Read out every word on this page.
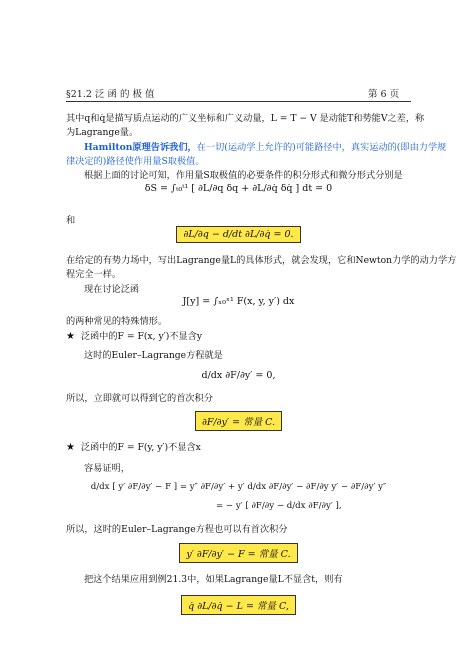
§21.2 泛 函 的 极 值	第 6 页
其中q和q̇是描写质点运动的广义坐标和广义动量，L = T − V 是动能T和势能V之差，称
为Lagrange量。
Hamilton原理告诉我们，在一切(运动学上允许的)可能路径中，真实运动的(即由力学规
律决定的)路径使作用量S取极值。
根据上面的讨论可知，作用量S取极值的必要条件的积分形式和微分形式分别是
δS = ∫ₜ₀ᵗ¹ [ ∂L/∂q δq + ∂L/∂q̇ δq̇ ] dt = 0
和
∂L/∂q − d/dt ∂L/∂q̇ = 0.
在给定的有势力场中，写出Lagrange量L的具体形式，就会发现，它和Newton力学的动力学方
程完全一样。
现在讨论泛函
J[y] = ∫ₓ₀ˣ¹ F(x, y, y′) dx
的两种常见的特殊情形。
★ 泛函中的F = F(x, y′)不显含y
这时的Euler–Lagrange方程就是
d/dx ∂F/∂y′ = 0,
所以，立即就可以得到它的首次积分
∂F/∂y′ = 常量 C.
★ 泛函中的F = F(y, y′)不显含x
容易证明，
d/dx [ y′ ∂F/∂y′ − F ] = y″ ∂F/∂y′ + y′ d/dx ∂F/∂y′ − ∂F/∂y y′ − ∂F/∂y′ y″
= − y′ [ ∂F/∂y − d/dx ∂F/∂y′ ],
所以，这时的Euler–Lagrange方程也可以有首次积分
y′ ∂F/∂y′ − F = 常量 C.
把这个结果应用到例21.3中，如果Lagrange量L不显含t，则有
q̇ ∂L/∂q̇ − L = 常量 C,
